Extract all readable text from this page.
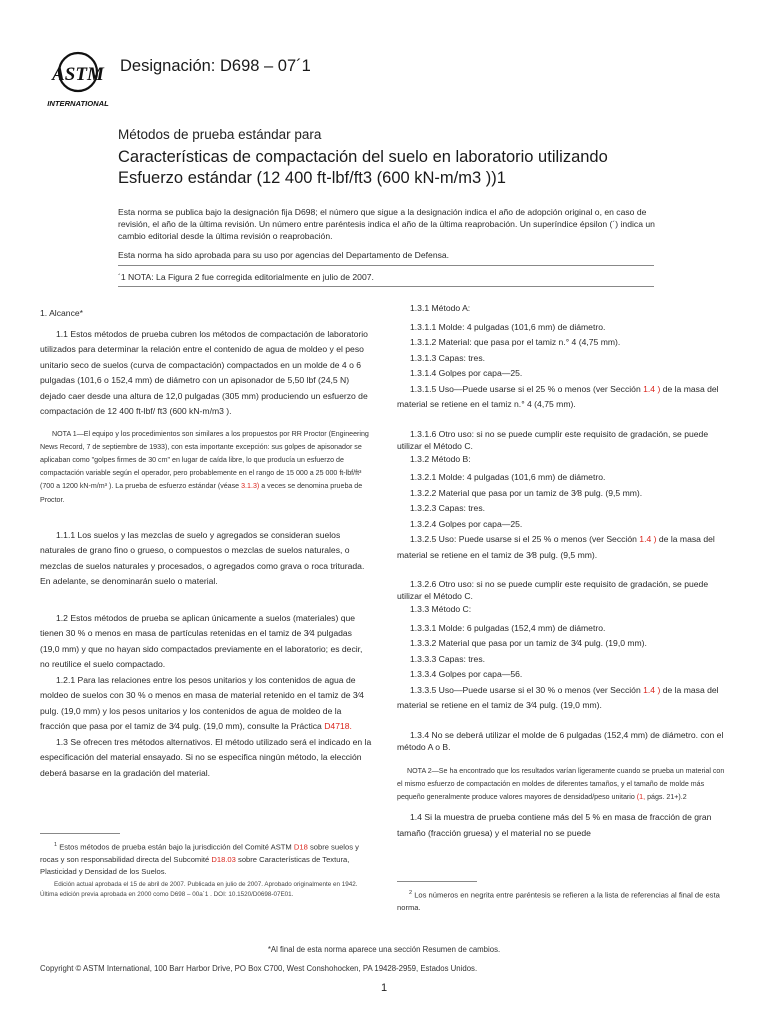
ASTM
INTERNATIONAL
Designación: D698 – 07´1
Métodos de prueba estándar para
Características de compactación del suelo en laboratorio utilizando
Esfuerzo estándar (12 400 ft-lbf/ft3 (600 kN-m/m3 ))1
Esta norma se publica bajo la designación fija D698; el número que sigue a la designación indica el año de adopción original o, en caso de revisión, el año de la última revisión. Un número entre paréntesis indica el año de la última reaprobación. Un superíndice épsilon (´) indica un cambio editorial desde la última revisión o reaprobación.
Esta norma ha sido aprobada para su uso por agencias del Departamento de Defensa.
´1 NOTA: La Figura 2 fue corregida editorialmente en julio de 2007.

1. Alcance*

1.1 Estos métodos de prueba cubren los métodos de compactación de laboratorio utilizados para determinar la relación entre el contenido de agua de moldeo y el peso unitario seco de suelos (curva de compactación) compactados en un molde de 4 o 6 pulgadas (101,6 o 152,4 mm) de diámetro con un apisonador de 5,50 lbf (24,5 N) dejado caer desde una altura de 12,0 pulgadas (305 mm) produciendo un esfuerzo de compactación de 12 400 ft-lbf/ ft3 (600 kN-m/m3 ).

NOTA 1—El equipo y los procedimientos son similares a los propuestos por RR Proctor (Engineering News Record, 7 de septiembre de 1933), con esta importante excepción: sus golpes de apisonador se aplicaban como "golpes firmes de 30 cm" en lugar de caída libre, lo que producía un esfuerzo de compactación variable según el operador, pero probablemente en el rango de 15 000 a 25 000 ft-lbf/ft³ (700 a 1200 kN-m/m³ ). La prueba de esfuerzo estándar (véase 3.1.3) a veces se denomina prueba de Proctor.

1.1.1 Los suelos y las mezclas de suelo y agregados se consideran suelos naturales de grano fino o grueso, o compuestos o mezclas de suelos naturales, o mezclas de suelos naturales y procesados, o agregados como grava o roca triturada. En adelante, se denominarán suelo o material.

1.2 Estos métodos de prueba se aplican únicamente a suelos (materiales) que tienen 30 % o menos en masa de partículas retenidas en el tamiz de 3⁄4 pulgadas (19,0 mm) y que no hayan sido compactados previamente en el laboratorio; es decir, no reutilice el suelo compactado.

1.2.1 Para las relaciones entre los pesos unitarios y los contenidos de agua de moldeo de suelos con 30 % o menos en masa de material retenido en el tamiz de 3⁄4 pulg. (19,0 mm) y los pesos unitarios y los contenidos de agua de moldeo de la fracción que pasa por el tamiz de 3⁄4 pulg. (19,0 mm), consulte la Práctica D4718.

1.3 Se ofrecen tres métodos alternativos. El método utilizado será el indicado en la especificación del material ensayado. Si no se especifica ningún método, la elección deberá basarse en la gradación del material.

$^1$ Estos métodos de prueba están bajo la jurisdicción del Comité ASTM D18 sobre suelos y rocas y son responsabilidad directa del Subcomité D18.03 sobre Características de Textura, Plasticidad y Densidad de los Suelos.
Edición actual aprobada el 15 de abril de 2007. Publicada en julio de 2007. Aprobado originalmente en 1942.
Última edición previa aprobada en 2000 como D698 – 00a´1 . DOI: 10.1520/D0698-07E01.

1.3.1 Método A:

1.3.1.1 Molde: 4 pulgadas (101,6 mm) de diámetro.

1.3.1.2 Material: que pasa por el tamiz n.° 4 (4,75 mm).

1.3.1.3 Capas: tres.

1.3.1.4 Golpes por capa—25.

1.3.1.5 Uso—Puede usarse si el 25 % o menos (ver Sección 1.4 ) de la masa del material se retiene en el tamiz n.° 4 (4,75 mm).

1.3.1.6 Otro uso: si no se puede cumplir este requisito de gradación, se puede utilizar el Método C.

1.3.2 Método B:

1.3.2.1 Molde: 4 pulgadas (101,6 mm) de diámetro.

1.3.2.2 Material que pasa por un tamiz de 3⁄8 pulg. (9,5 mm).

1.3.2.3 Capas: tres.

1.3.2.4 Golpes por capa—25.

1.3.2.5 Uso: Puede usarse si el 25 % o menos (ver Sección 1.4 ) de la masa del material se retiene en el tamiz de 3⁄8 pulg. (9,5 mm).

1.3.2.6 Otro uso: si no se puede cumplir este requisito de gradación, se puede utilizar el Método C.

1.3.3 Método C:

1.3.3.1 Molde: 6 pulgadas (152,4 mm) de diámetro.

1.3.3.2 Material que pasa por un tamiz de 3⁄4 pulg. (19,0 mm).

1.3.3.3 Capas: tres.

1.3.3.4 Golpes por capa—56.

1.3.3.5 Uso—Puede usarse si el 30 % o menos (ver Sección 1.4 ) de la masa del material se retiene en el tamiz de 3⁄4 pulg. (19,0 mm).

1.3.4 No se deberá utilizar el molde de 6 pulgadas (152,4 mm) de diámetro. con el método A o B.

NOTA 2—Se ha encontrado que los resultados varían ligeramente cuando se prueba un material con el mismo esfuerzo de compactación en moldes de diferentes tamaños, y el tamaño de molde más pequeño generalmente produce valores mayores de densidad/peso unitario (1, págs. 21+).2

1.4 Si la muestra de prueba contiene más del 5 % en masa de fracción de gran tamaño (fracción gruesa) y el material no se puede

$^2$ Los números en negrita entre paréntesis se refieren a la lista de referencias al final de esta norma.
*Al final de esta norma aparece una sección Resumen de cambios.
Copyright © ASTM International, 100 Barr Harbor Drive, PO Box C700, West Conshohocken, PA 19428-2959, Estados Unidos.
1
